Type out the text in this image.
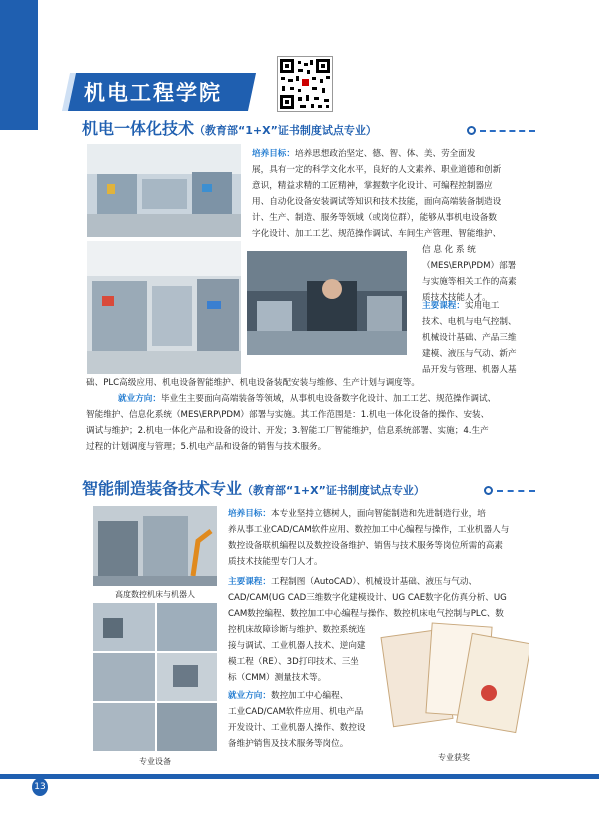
机电工程学院
机电一体化技术（教育部“1+X”证书制度试点专业）
培养目标：培养思想政治坚定、德、智、体、美、劳全面发
展，具有一定的科学文化水平，良好的人文素养、职业道德和创新
意识，精益求精的工匠精神，掌握数字化设计、可编程控制器应
用、自动化设备安装调试等知识和技术技能，面向高端装备制造设
计、生产、制造、服务等领域（或岗位群），能够从事机电设备数
字化设计、加工工艺、规范操作调试、车间生产管理、智能维护、
信 息 化 系 统
（MES\ERP\PDM）部署
与实施等相关工作的高素
质技术技能人才。
主要课程：实用电工
技术、电机与电气控制、
机械设计基础、产品三维
建模、液压与气动、新产
品开发与管理、机器人基
础、PLC高级应用、机电设备智能维护、机电设备装配安装与维修、生产计划与调度等。
就业方向：毕业生主要面向高端装备等领域，从事机电设备数字化设计、加工工艺、规范操作调试、
智能维护、信息化系统（MES\ERP\PDM）部署与实施。其工作范围是：1.机电一体化设备的操作、安装、
调试与维护；2.机电一体化产品和设备的设计、开发；3.智能工厂智能维护，信息系统部署、实施；4.生产
过程的计划调度与管理；5.机电产品和设备的销售与技术服务。
智能制造装备技术专业（教育部“1+X”证书制度试点专业）
高度数控机床与机器人
专业设备	专业获奖
培养目标：本专业坚持立德树人，面向智能制造和先进制造行业，培
养从事工业CAD/CAM软件应用、数控加工中心编程与操作，工业机器人与
数控设备联机编程以及数控设备维护、销售与技术服务等岗位所需的高素
质技术技能型专门人才。
主要课程：工程制图（AutoCAD）、机械设计基础、液压与气动、
CAD/CAM(UG CAD三维数字化建模设计、UG CAE数字化仿真分析、UG
CAM数控编程、数控加工中心编程与操作、数控机床电气控制与PLC、数
控机床故障诊断与维护、数控系统连
接与调试、工业机器人技术、逆向建
模工程（RE）、3D打印技术、三坐
标（CMM）测量技术等。
就业方向：数控加工中心编程、
工业CAD/CAM软件应用、机电产品
开发设计、工业机器人操作、数控设
备维护销售及技术服务等岗位。
13
